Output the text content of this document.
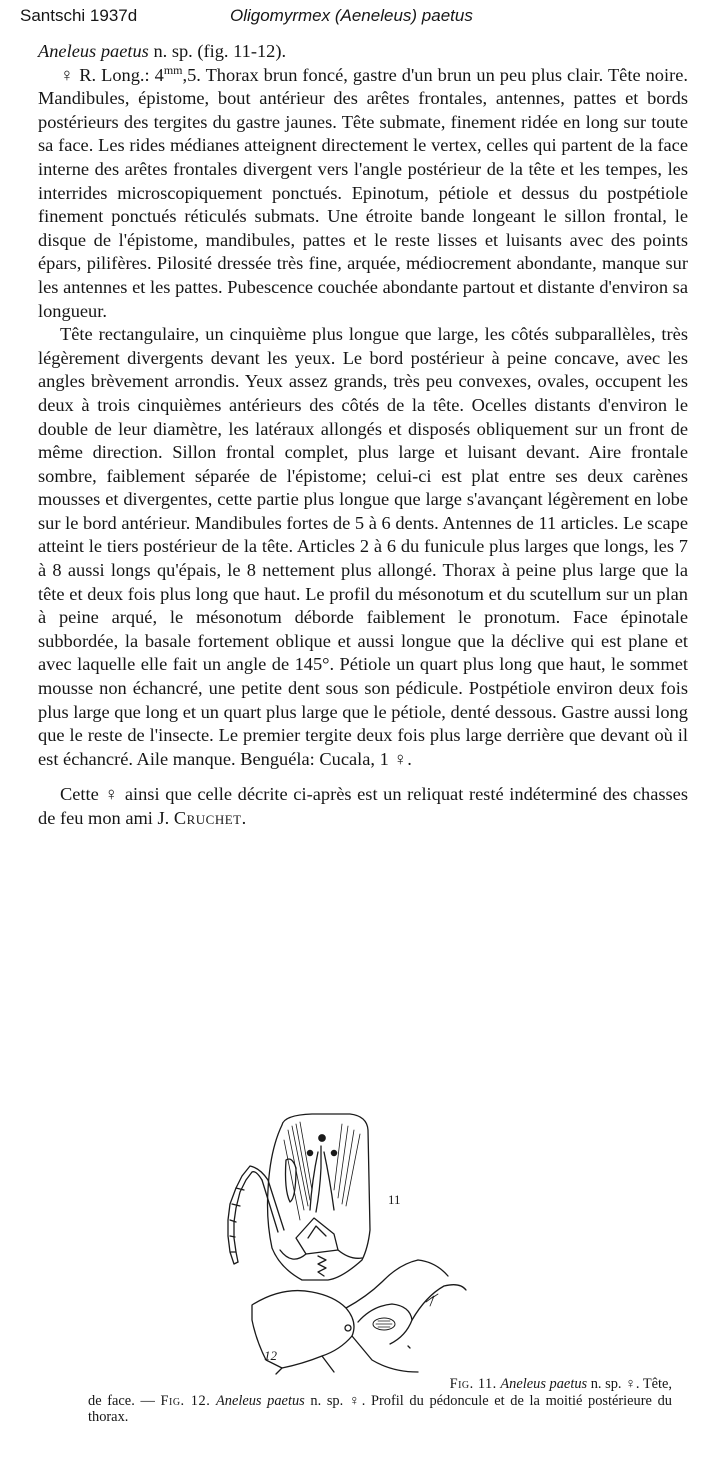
Santschi 1937d	Oligomyrmex (Aeneleus) paetus

Aneleus paetus n. sp. (fig. 11-12).

♀ R. Long.: $4^{mm},5$. Thorax brun foncé, gastre d'un brun un peu plus clair. Tête noire. Mandibules, épistome, bout antérieur des arêtes frontales, antennes, pattes et bords postérieurs des tergites du gastre jaunes. Tête submate, finement ridée en long sur toute sa face. Les rides médianes atteignent directement le vertex, celles qui partent de la face interne des arêtes frontales divergent vers l'angle postérieur de la tête et les tempes, les interrides microscopiquement ponctués. Epinotum, pétiole et dessus du postpétiole finement ponctués réticulés submats. Une étroite bande longeant le sillon frontal, le disque de l'épistome, mandibules, pattes et le reste lisses et luisants avec des points épars, pilifères. Pilosité dressée très fine, arquée, médiocrement abondante, manque sur les antennes et les pattes. Pubescence couchée abondante partout et distante d'environ sa longueur.

Tête rectangulaire, un cinquième plus longue que large, les côtés subparallèles, très légèrement divergents devant les yeux. Le bord postérieur à peine concave, avec les angles brèvement arrondis. Yeux assez grands, très peu convexes, ovales, occupent les deux à trois cinquièmes antérieurs des côtés de la tête. Ocelles distants d'environ le double de leur diamètre, les latéraux allongés et disposés obliquement sur un front de même direction. Sillon frontal complet, plus large et luisant devant. Aire frontale sombre, faiblement séparée de l'épistome; celui-ci est plat entre ses deux carènes mousses et divergentes, cette partie plus longue que large s'avançant légèrement en lobe sur le bord antérieur. Mandibules fortes de 5 à 6 dents. Antennes de 11 articles. Le scape atteint le tiers postérieur de la tête. Articles 2 à 6 du funicule plus larges que longs, les 7 à 8 aussi longs qu'épais, le 8 nettement plus allongé. Thorax à peine plus large que la tête et deux fois plus long que haut. Le profil du mésonotum et du scutellum sur un plan à peine arqué, le mésonotum déborde faiblement le pronotum. Face épinotale subbordée, la basale fortement oblique et aussi longue que la déclive qui est plane et avec laquelle elle fait un angle de 145°. Pétiole un quart plus long que haut, le sommet mousse non échancré, une petite dent sous son pédicule. Postpétiole environ deux fois plus large que long et un quart plus large que le pétiole, denté dessous. Gastre aussi long que le reste de l'insecte. Le premier tergite deux fois plus large derrière que devant où il est échancré. Aile manque. Benguéla: Cucala, 1 ♀.

Cette ♀ ainsi que celle décrite ci-après est un reliquat resté indéterminé des chasses de feu mon ami J. Cruchet.

11
12

Fig. 11. Aneleus paetus n. sp. ♀. Tête,

de face. — Fig. 12. Aneleus paetus n. sp. ♀. Profil du pédoncule et de la moitié postérieure du thorax.
